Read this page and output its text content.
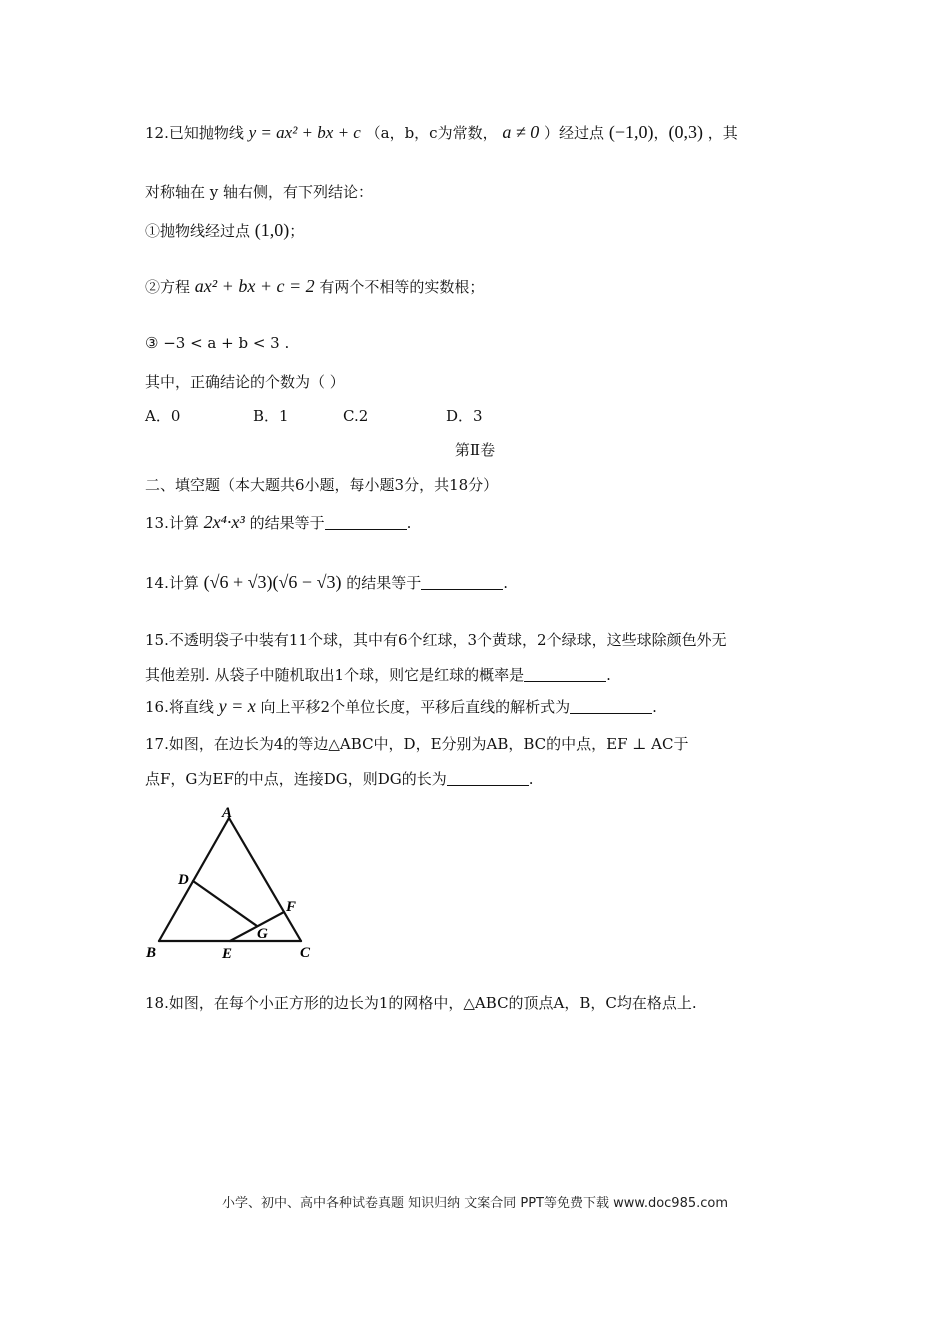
12.已知抛物线 y = ax² + bx + c （a，b，c为常数， a ≠ 0 ）经过点 (−1,0)，(0,3) ，其
对称轴在 y 轴右侧，有下列结论：
①抛物线经过点 (1,0)；
②方程 ax² + bx + c = 2 有两个不相等的实数根；
③ −3 < a + b < 3 .
其中，正确结论的个数为（ ）
A．0	B．1	C.2	D．3
第Ⅱ卷
二、填空题（本大题共6小题，每小题3分，共18分）
13.计算 2x⁴·x³ 的结果等于	.
14.计算 (√6 + √3)(√6 − √3) 的结果等于	.
15.不透明袋子中装有11个球，其中有6个红球，3个黄球，2个绿球，这些球除颜色外无
其他差别. 从袋子中随机取出1个球，则它是红球的概率是	.
16.将直线 y = x 向上平移2个单位长度，平移后直线的解析式为	.
17.如图，在边长为4的等边△ABC中，D，E分别为AB，BC的中点，EF ⊥ AC于
点F，G为EF的中点，连接DG，则DG的长为	.
A
B	C
D
E
F
G
18.如图，在每个小正方形的边长为1的网格中，△ABC的顶点A，B，C均在格点上.
小学、初中、高中各种试卷真题 知识归纳 文案合同 PPT等免费下载 www.doc985.com
